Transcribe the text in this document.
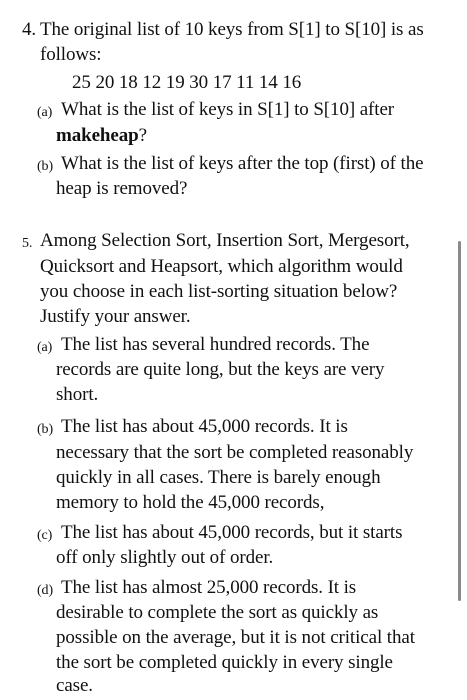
4. The original list of 10 keys from S[1] to S[10] is as
follows:
25 20 18 12 19 30 17 11 14 16
(a) What is the list of keys in S[1] to S[10] after
makeheap?
(b) What is the list of keys after the top (first) of the
heap is removed?
5. Among Selection Sort, Insertion Sort, Mergesort,
Quicksort and Heapsort, which algorithm would
you choose in each list-sorting situation below?
Justify your answer.
(a) The list has several hundred records. The
records are quite long, but the keys are very
short.
(b) The list has about 45,000 records. It is
necessary that the sort be completed reasonably
quickly in all cases. There is barely enough
memory to hold the 45,000 records,
(c) The list has about 45,000 records, but it starts
off only slightly out of order.
(d) The list has almost 25,000 records. It is
desirable to complete the sort as quickly as
possible on the average, but it is not critical that
the sort be completed quickly in every single
case.
